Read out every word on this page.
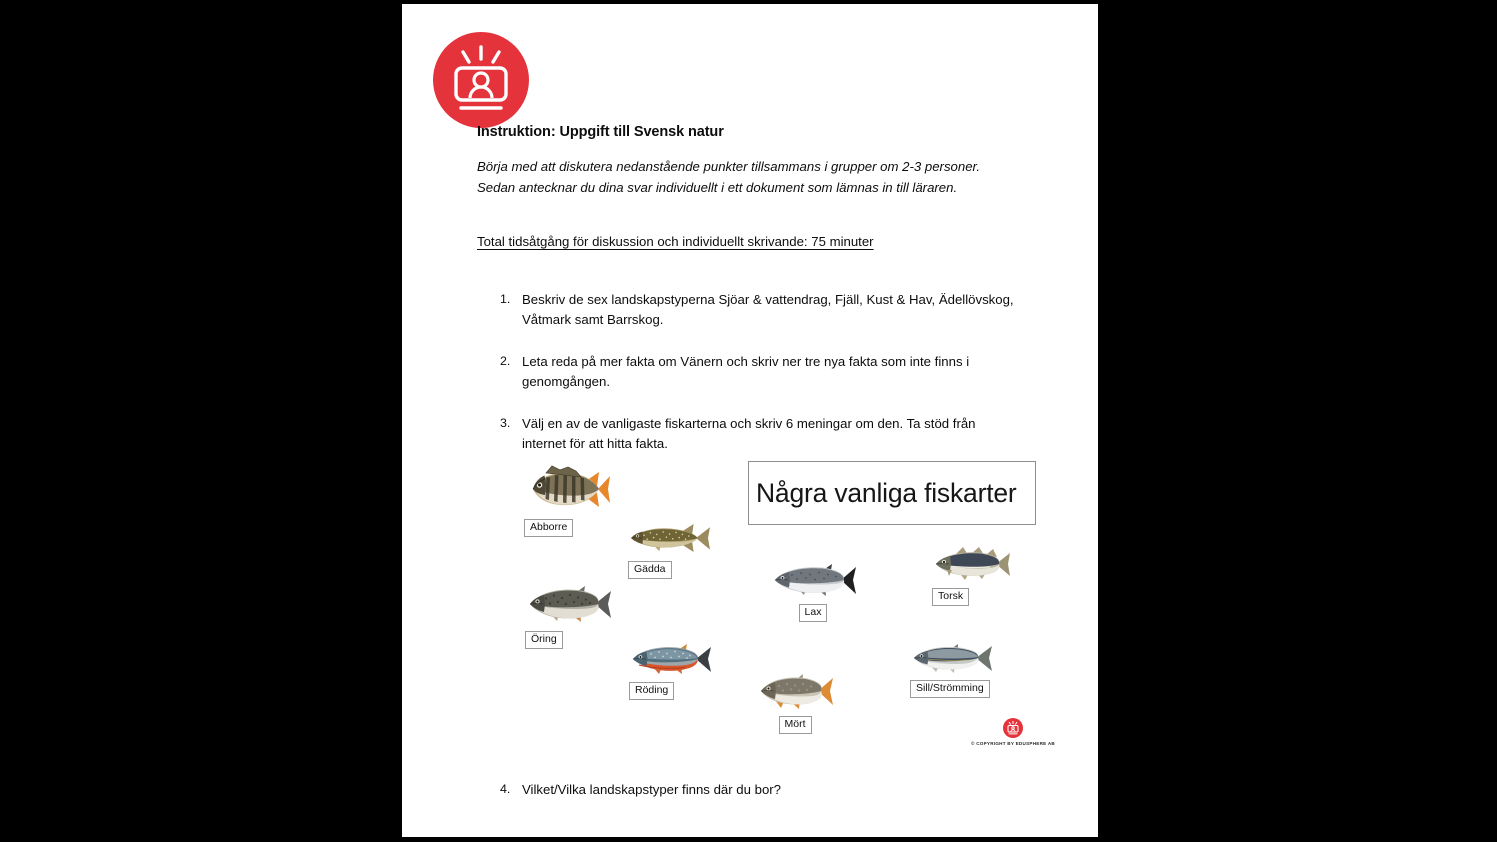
Instruktion: Uppgift till Svensk natur
Börja med att diskutera nedanstående punkter tillsammans i grupper om 2-3 personer.
Sedan antecknar du dina svar individuellt i ett dokument som lämnas in till läraren.
Total tidsåtgång för diskussion och individuellt skrivande: 75 minuter
1. Beskriv de sex landskapstyperna Sjöar & vattendrag, Fjäll, Kust & Hav, Ädellövskog, Våtmark samt Barrskog.
2. Leta reda på mer fakta om Vänern och skriv ner tre nya fakta som inte finns i genomgången.
3. Välj en av de vanligaste fiskarterna och skriv 6 meningar om den. Ta stöd från internet för att hitta fakta.
Några vanliga fiskarter
Abborre
Gädda
Öring
Lax
Torsk
Röding
Mört
Sill/Strömming
© COPYRIGHT BY EDUSPHERE AB
4. Vilket/Vilka landskapstyper finns där du bor?
